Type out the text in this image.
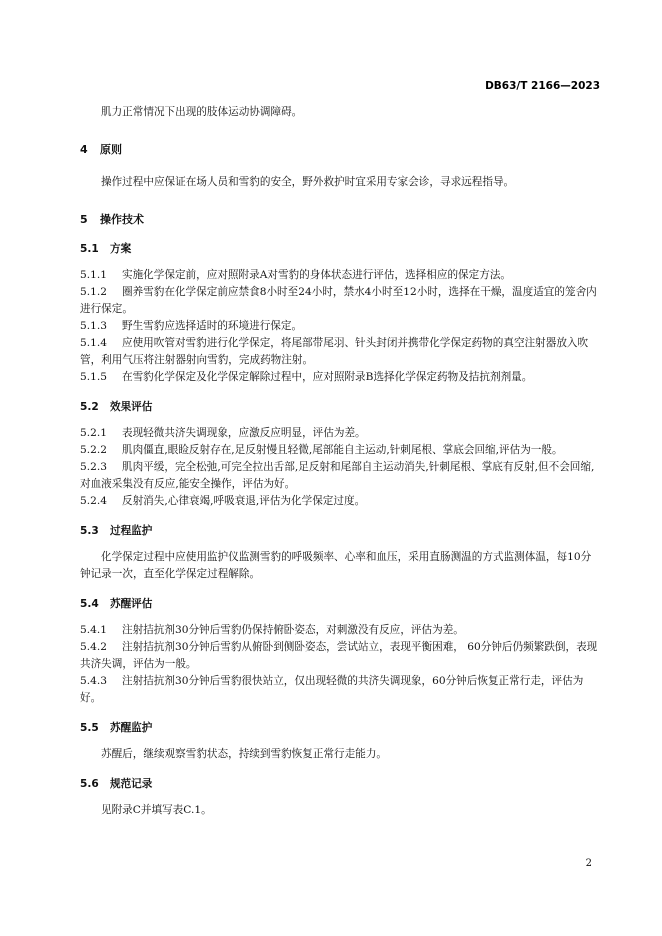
DB63/T 2166—2023

肌力正常情况下出现的肢体运动协调障碍。

4 原则

操作过程中应保证在场人员和雪豹的安全，野外救护时宜采用专家会诊，寻求远程指导。

5 操作技术
5.1 方案

5.1.1 实施化学保定前，应对照附录A对雪豹的身体状态进行评估，选择相应的保定方法。

5.1.2 圈养雪豹在化学保定前应禁食8小时至24小时，禁水4小时至12小时，选择在干燥，温度适宜的笼舍内进行保定。

5.1.3 野生雪豹应选择适时的环境进行保定。

5.1.4 应使用吹管对雪豹进行化学保定，将尾部带尾羽、针头封闭并携带化学保定药物的真空注射器放入吹管，利用气压将注射器射向雪豹，完成药物注射。

5.1.5 在雪豹化学保定及化学保定解除过程中，应对照附录B选择化学保定药物及拮抗剂剂量。

5.2 效果评估

5.2.1 表现轻微共济失调现象，应激反应明显，评估为差。

5.2.2 肌肉僵直,眼睑反射存在,足反射慢且轻微,尾部能自主运动,针刺尾根、掌底会回缩,评估为一般。

5.2.3 肌肉平缓，完全松弛,可完全拉出舌部,足反射和尾部自主运动消失,针刺尾根、掌底有反射,但不会回缩,对血液采集没有反应,能安全操作，评估为好。

5.2.4 反射消失,心律衰竭,呼吸衰退,评估为化学保定过度。

5.3 过程监护

化学保定过程中应使用监护仪监测雪豹的呼吸频率、心率和血压，采用直肠测温的方式监测体温，每10分钟记录一次，直至化学保定过程解除。

5.4 苏醒评估

5.4.1 注射拮抗剂30分钟后雪豹仍保持俯卧姿态，对刺激没有反应，评估为差。

5.4.2 注射拮抗剂30分钟后雪豹从俯卧到侧卧姿态，尝试站立，表现平衡困难， 60分钟后仍频繁跌倒，表现共济失调，评估为一般。

5.4.3 注射拮抗剂30分钟后雪豹很快站立，仅出现轻微的共济失调现象，60分钟后恢复正常行走，评估为好。

5.5 苏醒监护

苏醒后，继续观察雪豹状态，持续到雪豹恢复正常行走能力。

5.6 规范记录

见附录C并填写表C.1。

2
